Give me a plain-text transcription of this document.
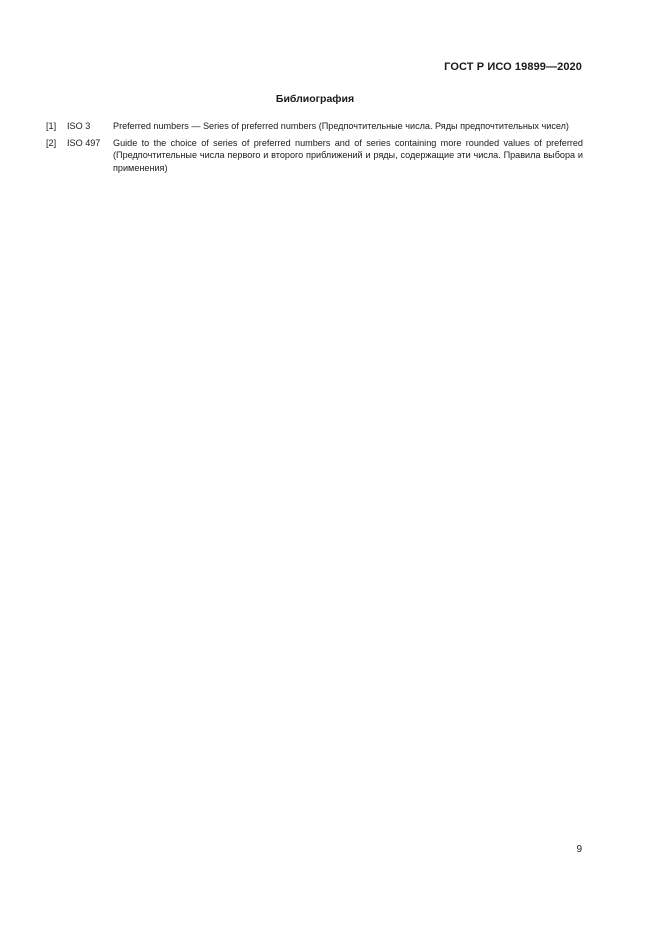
ГОСТ Р ИСО 19899—2020
Библиография
[1]	ISO 3	Preferred numbers — Series of preferred numbers (Предпочтительные числа. Ряды предпочтительных чисел)
[2]	ISO 497	Guide to the choice of series of preferred numbers and of series containing more rounded values of preferred (Предпочтительные числа первого и второго приближений и ряды, содержащие эти числа. Правила выбора и применения)
9
